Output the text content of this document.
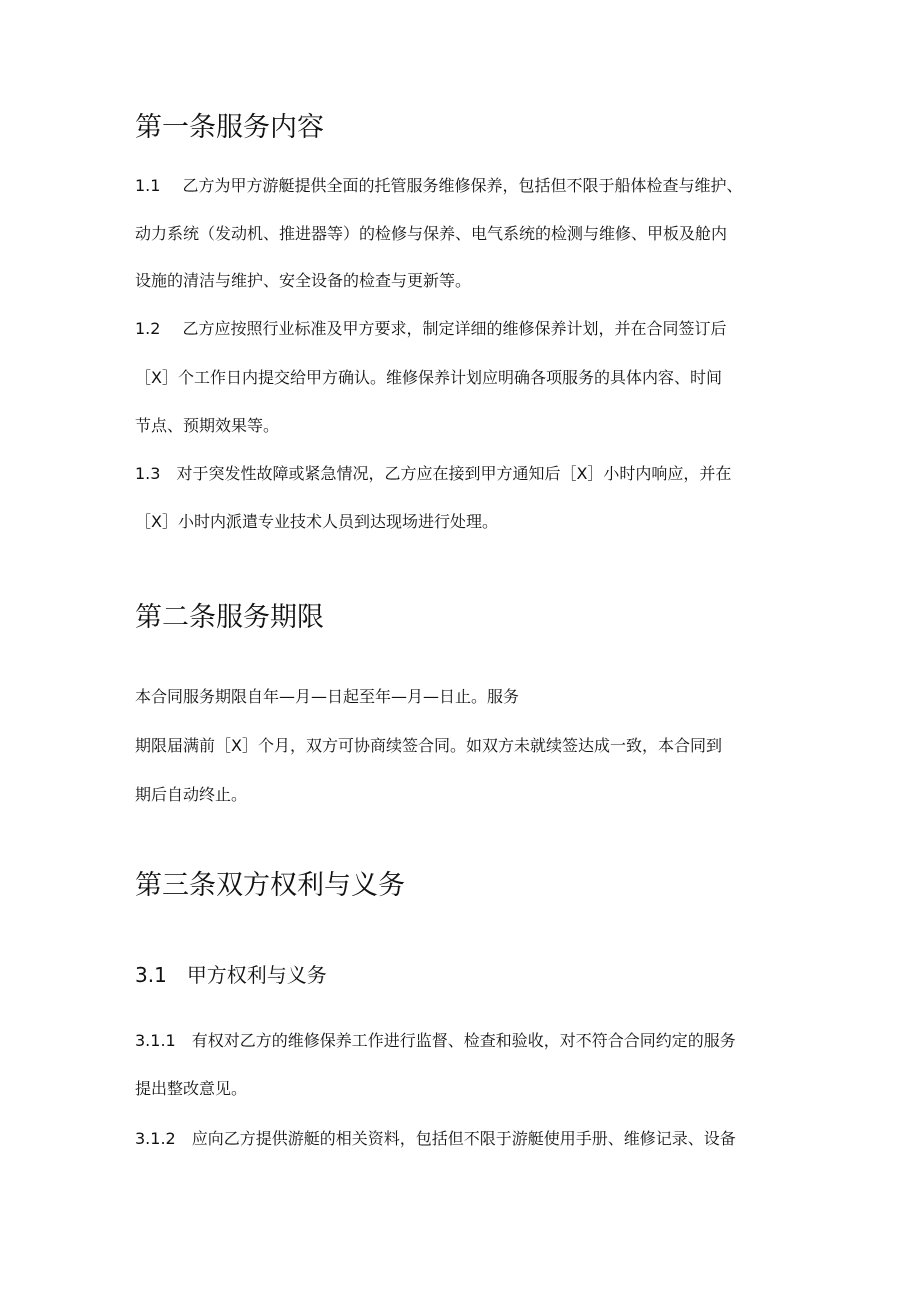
第一条服务内容

1.1 乙方为甲方游艇提供全面的托管服务维修保养，包括但不限于船体检查与维护、

动力系统（发动机、推进器等）的检修与保养、电气系统的检测与维修、甲板及舱内

设施的清洁与维护、安全设备的检查与更新等。

1.2 乙方应按照行业标准及甲方要求，制定详细的维修保养计划，并在合同签订后

［X］个工作日内提交给甲方确认。维修保养计划应明确各项服务的具体内容、时间

节点、预期效果等。

1.3 对于突发性故障或紧急情况，乙方应在接到甲方通知后［X］小时内响应，并在

［X］小时内派遣专业技术人员到达现场进行处理。

第二条服务期限

本合同服务期限自年—月—日起至年—月—日止。服务

期限届满前［X］个月，双方可协商续签合同。如双方未就续签达成一致，本合同到

期后自动终止。

第三条双方权利与义务
3.1 甲方权利与义务

3.1.1 有权对乙方的维修保养工作进行监督、检查和验收，对不符合合同约定的服务

提出整改意见。

3.1.2 应向乙方提供游艇的相关资料，包括但不限于游艇使用手册、维修记录、设备
